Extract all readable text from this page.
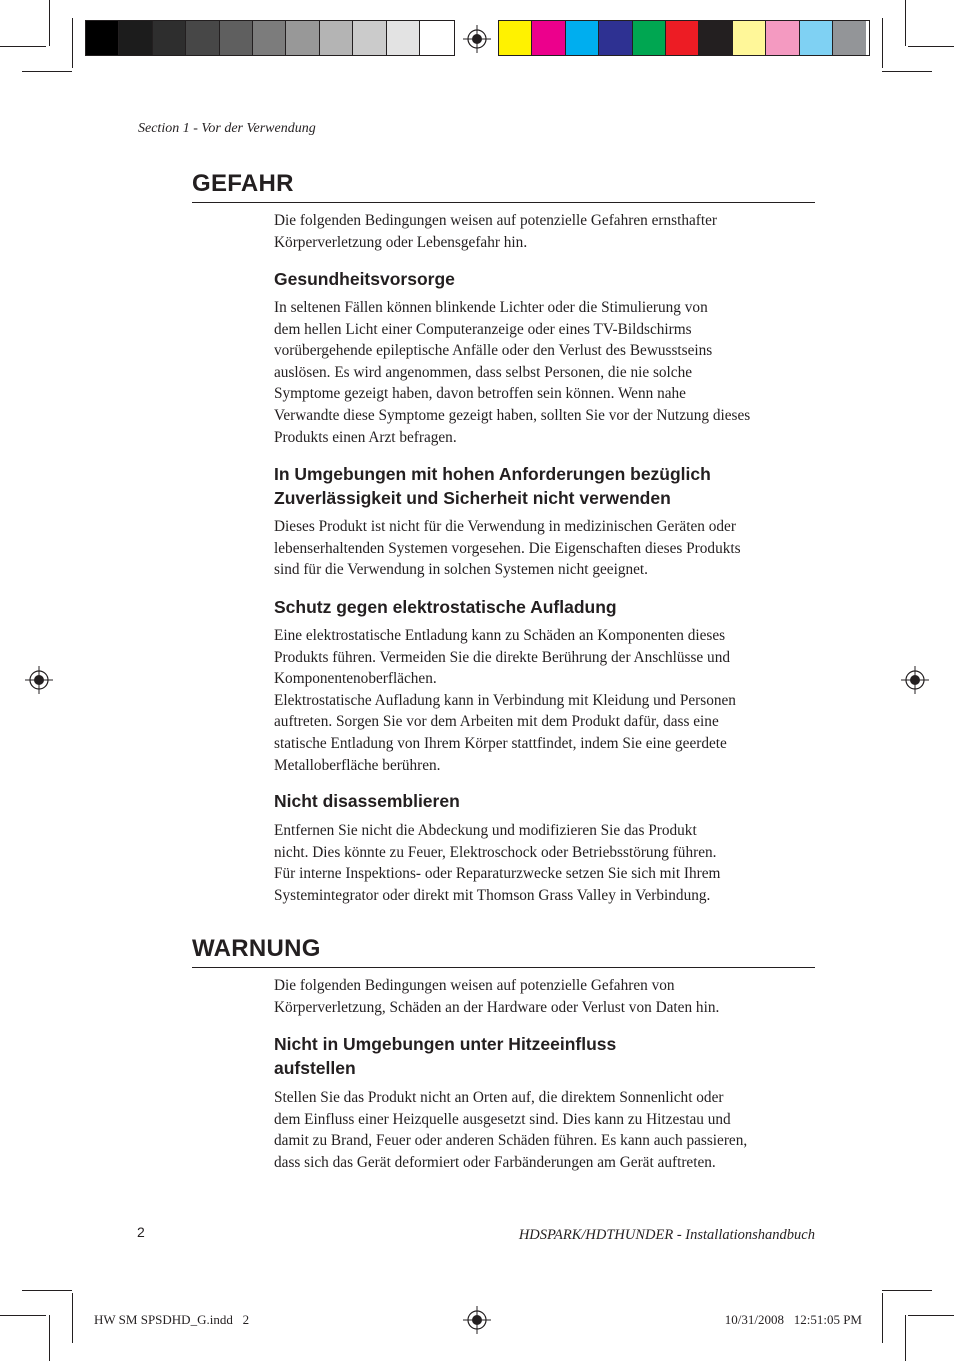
Section 1 - Vor der Verwendung
GEFAHR
Die folgenden Bedingungen weisen auf potenzielle Gefahren ernsthafter
Körperverletzung oder Lebensgefahr hin.
Gesundheitsvorsorge
In seltenen Fällen können blinkende Lichter oder die Stimulierung von
dem hellen Licht einer Computeranzeige oder eines TV-Bildschirms
vorübergehende epileptische Anfälle oder den Verlust des Bewusstseins
auslösen. Es wird angenommen, dass selbst Personen, die nie solche
Symptome gezeigt haben, davon betroffen sein können. Wenn nahe
Verwandte diese Symptome gezeigt haben, sollten Sie vor der Nutzung dieses
Produkts einen Arzt befragen.
In Umgebungen mit hohen Anforderungen bezüglich
Zuverlässigkeit und Sicherheit nicht verwenden
Dieses Produkt ist nicht für die Verwendung in medizinischen Geräten oder
lebenserhaltenden Systemen vorgesehen. Die Eigenschaften dieses Produkts
sind für die Verwendung in solchen Systemen nicht geeignet.
Schutz gegen elektrostatische Aufladung
Eine elektrostatische Entladung kann zu Schäden an Komponenten dieses
Produkts führen. Vermeiden Sie die direkte Berührung der Anschlüsse und
Komponentenoberflächen.
Elektrostatische Aufladung kann in Verbindung mit Kleidung und Personen
auftreten. Sorgen Sie vor dem Arbeiten mit dem Produkt dafür, dass eine
statische Entladung von Ihrem Körper stattfindet, indem Sie eine geerdete
Metalloberfläche berühren.
Nicht disassemblieren
Entfernen Sie nicht die Abdeckung und modifizieren Sie das Produkt
nicht. Dies könnte zu Feuer, Elektroschock oder Betriebsstörung führen.
Für interne Inspektions- oder Reparaturzwecke setzen Sie sich mit Ihrem
Systemintegrator oder direkt mit Thomson Grass Valley in Verbindung.
WARNUNG
Die folgenden Bedingungen weisen auf potenzielle Gefahren von
Körperverletzung, Schäden an der Hardware oder Verlust von Daten hin.
Nicht in Umgebungen unter Hitzeeinfluss
aufstellen
Stellen Sie das Produkt nicht an Orten auf, die direktem Sonnenlicht oder
dem Einfluss einer Heizquelle ausgesetzt sind. Dies kann zu Hitzestau und
damit zu Brand, Feuer oder anderen Schäden führen. Es kann auch passieren,
dass sich das Gerät deformiert oder Farbänderungen am Gerät auftreten.
2	HDSPARK/HDTHUNDER - Installationshandbuch
HW SM SPSDHD_G.indd   2	10/31/2008   12:51:05 PM
